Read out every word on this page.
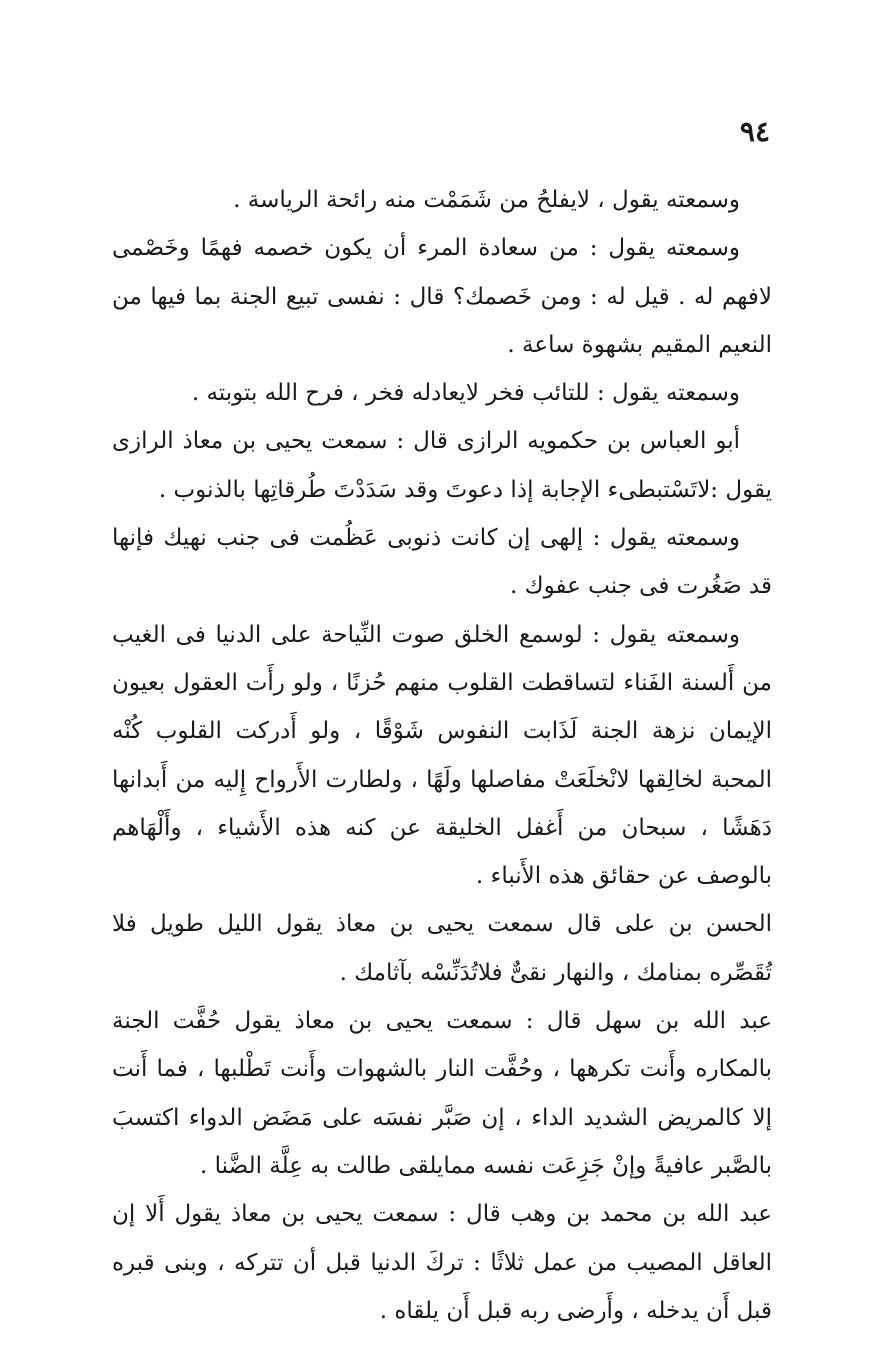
٩٤

وسمعته يقول ، لايفلحُ من شَمَمْت منه رائحة الرياسة .

وسمعته يقول : من سعادة المرء أن يكون خصمه فهمًا وخَصْمى لافهم له . قيل له : ومن خَصمك؟ قال : نفسى تبيع الجنة بما فيها من النعيم المقيم بشهوة ساعة .

وسمعته يقول : للتائب فخر لايعادله فخر ، فرح الله بتوبته .

أبو العباس بن حكمويه الرازى قال : سمعت يحيى بن معاذ الرازى يقول :لاتَسْتبطىء الإجابة إذا دعوتَ وقد سَدَدْتَ طُرقاتِها بالذنوب .

وسمعته يقول : إلهى إن كانت ذنوبى عَظُمت فى جنب نهيك فإنها قد صَغُرت فى جنب عفوك .

وسمعته يقول : لوسمع الخلق صوت النِّياحة على الدنيا فى الغيب من أَلسنة الفَناء لتساقطت القلوب منهم حُزنًا ، ولو رأَت العقول بعيون الإيمان نزهة الجنة لَذَابت النفوس شَوْقًا ، ولو أَدركت القلوب كُنْه المحبة لخالِقها لانْخلَعَتْ مفاصلها ولَهًا ، ولطارت الأَرواح إِليه من أَبدانها دَهَشًا ، سبحان من أَغفل الخليقة عن كنه هذه الأَشياء ، وأَلْهَاهم بالوصف عن حقائق هذه الأَنباء .

الحسن بن على قال سمعت يحيى بن معاذ يقول الليل طويل فلا تُقَصِّره بمنامك ، والنهار نقىٌّ فلاتُدَنِّسْه بآثامك .

عبد الله بن سهل قال : سمعت يحيى بن معاذ يقول حُفَّت الجنة بالمكاره وأَنت تكرهها ، وحُفَّت النار بالشهوات وأَنت تَطْلبها ، فما أَنت إلا كالمريض الشديد الداء ، إن صَبَّر نفسَه على مَضَض الدواء اكتسبَ بالصَّبر عافيةً وإنْ جَزِعَت نفسه ممايلقى طالت به عِلَّة الضَّنا .

عبد الله بن محمد بن وهب قال : سمعت يحيى بن معاذ يقول أَلا إن العاقل المصيب من عمل ثلاثًا : تركَ الدنيا قبل أن تتركه ، وبنى قبره قبل أَن يدخله ، وأَرضى ربه قبل أَن يلقاه .
